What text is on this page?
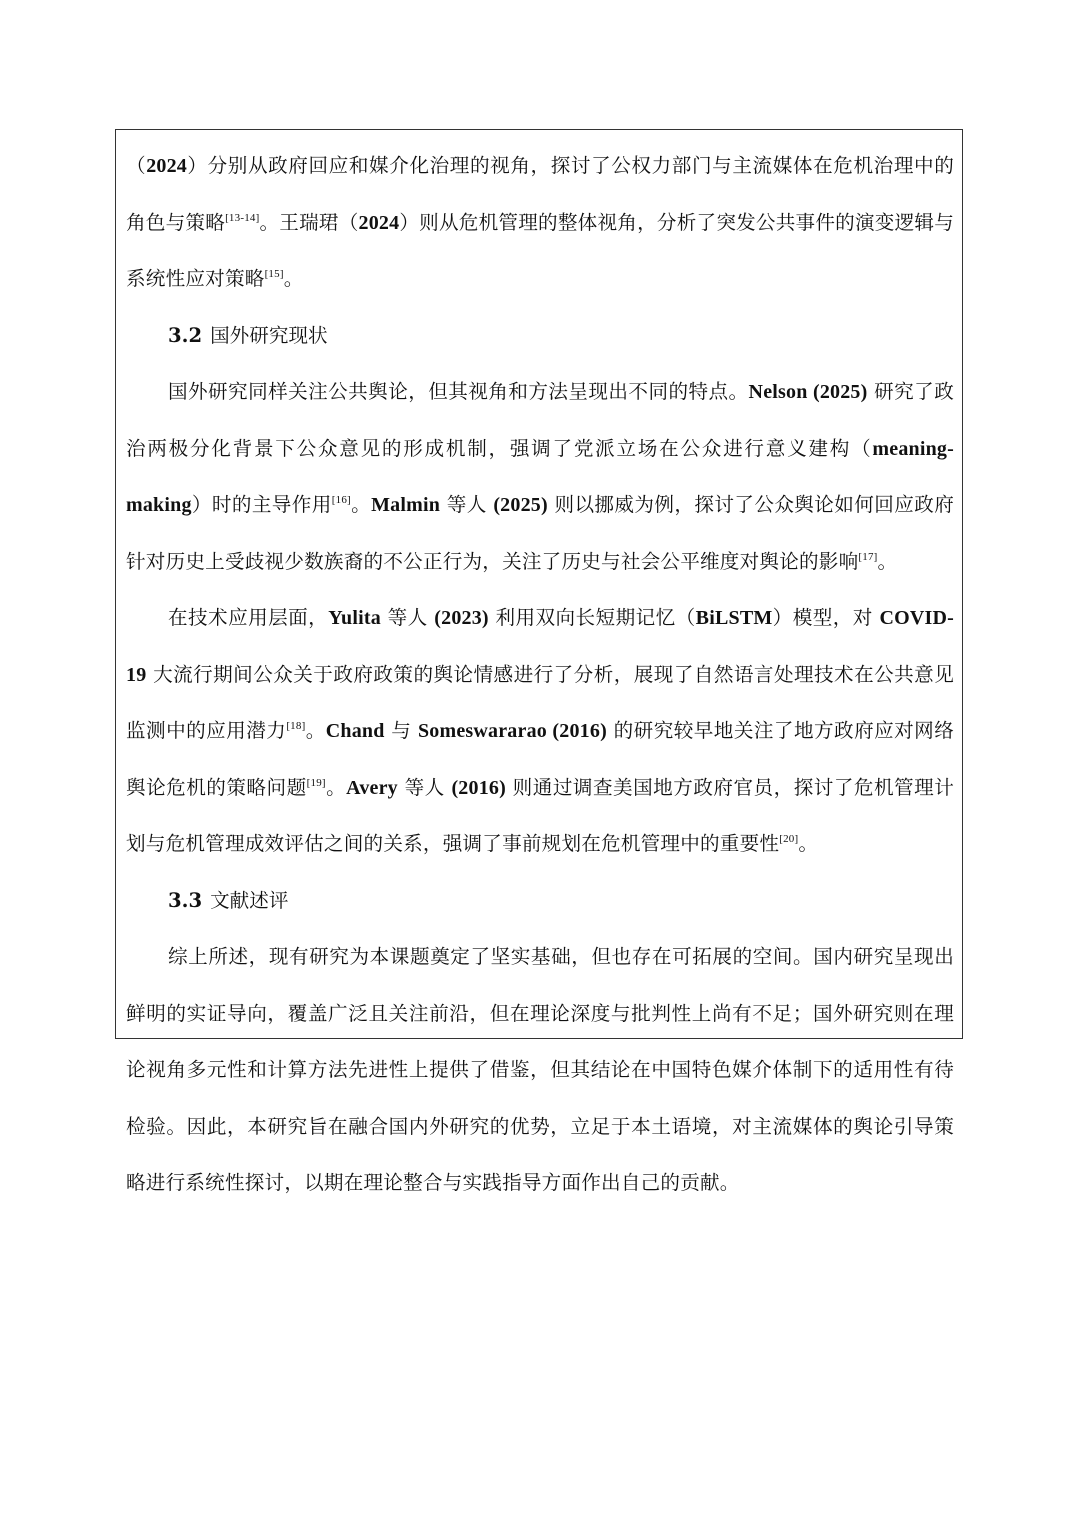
（2024）分别从政府回应和媒介化治理的视角，探讨了公权力部门与主流媒体在危机治理中的角色与策略[13-14]。王瑞珺（2024）则从危机管理的整体视角，分析了突发公共事件的演变逻辑与系统性应对策略[15]。

3.2 国外研究现状

国外研究同样关注公共舆论，但其视角和方法呈现出不同的特点。Nelson (2025) 研究了政治两极分化背景下公众意见的形成机制，强调了党派立场在公众进行意义建构（meaning-making）时的主导作用[16]。Malmin 等人 (2025) 则以挪威为例，探讨了公众舆论如何回应政府针对历史上受歧视少数族裔的不公正行为，关注了历史与社会公平维度对舆论的影响[17]。

在技术应用层面，Yulita 等人 (2023) 利用双向长短期记忆（BiLSTM）模型，对 COVID-19 大流行期间公众关于政府政策的舆论情感进行了分析，展现了自然语言处理技术在公共意见监测中的应用潜力[18]。Chand 与 Someswararao (2016) 的研究较早地关注了地方政府应对网络舆论危机的策略问题[19]。Avery 等人 (2016) 则通过调查美国地方政府官员，探讨了危机管理计划与危机管理成效评估之间的关系，强调了事前规划在危机管理中的重要性[20]。

3.3 文献述评

综上所述，现有研究为本课题奠定了坚实基础，但也存在可拓展的空间。国内研究呈现出鲜明的实证导向，覆盖广泛且关注前沿，但在理论深度与批判性上尚有不足；国外研究则在理论视角多元性和计算方法先进性上提供了借鉴，但其结论在中国特色媒介体制下的适用性有待检验。因此，本研究旨在融合国内外研究的优势，立足于本土语境，对主流媒体的舆论引导策略进行系统性探讨，以期在理论整合与实践指导方面作出自己的贡献。
